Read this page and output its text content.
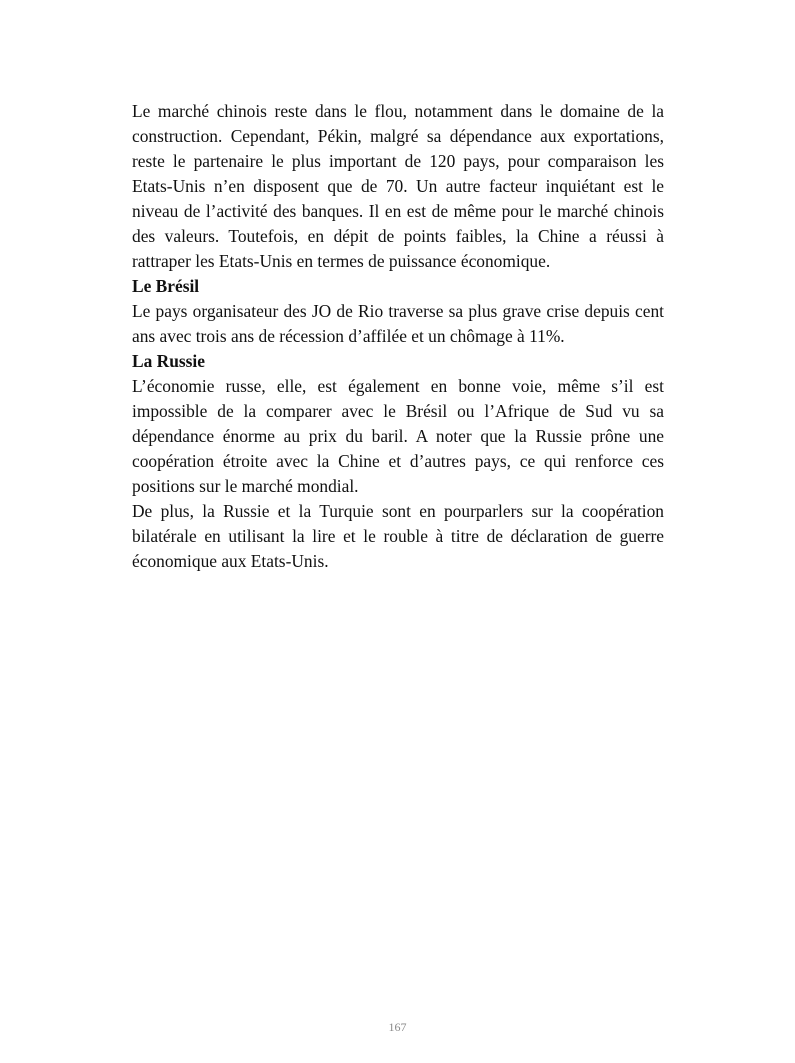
Le marché chinois reste dans le flou, notamment dans le domaine de la construction. Cependant, Pékin, malgré sa dépendance aux exportations, reste le partenaire le plus important de 120 pays, pour comparaison les Etats-Unis n’en disposent que de 70. Un autre facteur inquiétant est le niveau de l’activité des banques. Il en est de même pour le marché chinois des valeurs. Toutefois, en dépit de points faibles, la Chine a réussi à rattraper les Etats-Unis en termes de puissance économique.

Le Brésil

Le pays organisateur des JO de Rio traverse sa plus grave crise depuis cent ans avec trois ans de récession d’affilée et un chômage à 11%.

La Russie

L’économie russe, elle, est également en bonne voie, même s’il est impossible de la comparer avec le Brésil ou l’Afrique de Sud vu sa dépendance énorme au prix du baril. A noter que la Russie prône une coopération étroite avec la Chine et d’autres pays, ce qui renforce ces positions sur le marché mondial.

De plus, la Russie et la Turquie sont en pourparlers sur la coopération bilatérale en utilisant la lire et le rouble à titre de déclaration de guerre économique aux Etats-Unis.

167
